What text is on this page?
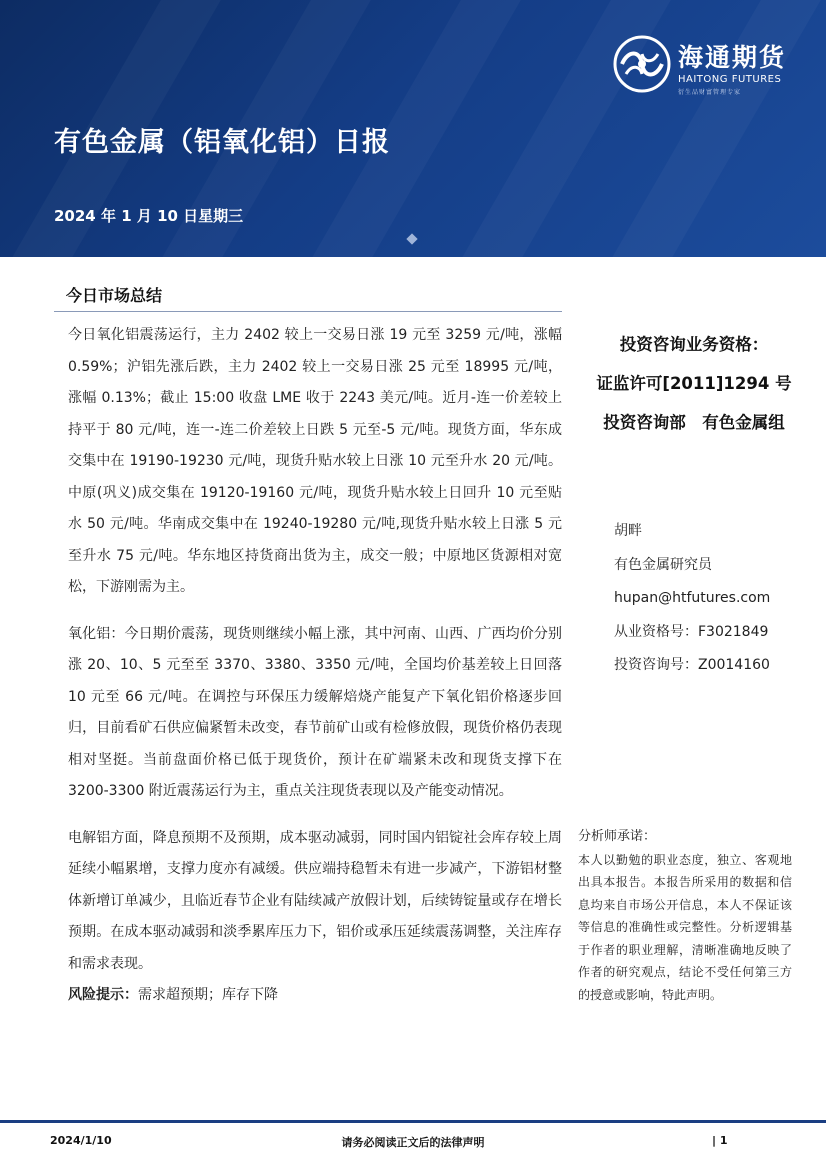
海通期货
HAITONG FUTURES
衍生品财富管理专家
有色金属（铝氧化铝）日报
2024 年 1 月 10 日星期三
今日市场总结

今日氧化铝震荡运行，主力 2402 较上一交易日涨 19 元至 3259 元/吨，涨幅 0.59%；沪铝先涨后跌，主力 2402 较上一交易日涨 25 元至 18995 元/吨，涨幅 0.13%；截止 15:00 收盘 LME 收于 2243 美元/吨。近月-连一价差较上持平于 80 元/吨，连一-连二价差较上日跌 5 元至-5 元/吨。现货方面，华东成交集中在 19190-19230 元/吨，现货升贴水较上日涨 10 元至升水 20 元/吨。中原(巩义)成交集在 19120-19160 元/吨，现货升贴水较上日回升 10 元至贴水 50 元/吨。华南成交集中在 19240-19280 元/吨,现货升贴水较上日涨 5 元至升水 75 元/吨。华东地区持货商出货为主，成交一般；中原地区货源相对宽松，下游刚需为主。

氧化铝：今日期价震荡，现货则继续小幅上涨，其中河南、山西、广西均价分别涨 20、10、5 元至至 3370、3380、3350 元/吨，全国均价基差较上日回落 10 元至 66 元/吨。在调控与环保压力缓解焙烧产能复产下氧化铝价格逐步回归，目前看矿石供应偏紧暂未改变，春节前矿山或有检修放假，现货价格仍表现相对坚挺。当前盘面价格已低于现货价，预计在矿端紧未改和现货支撑下在 3200-3300 附近震荡运行为主，重点关注现货表现以及产能变动情况。

电解铝方面，降息预期不及预期，成本驱动减弱，同时国内铝锭社会库存较上周延续小幅累增，支撑力度亦有减缓。供应端持稳暂未有进一步减产，下游铝材整体新增订单减少，且临近春节企业有陆续减产放假计划，后续铸锭量或存在增长预期。在成本驱动减弱和淡季累库压力下，铝价或承压延续震荡调整，关注库存和需求表现。

风险提示：需求超预期；库存下降
投资咨询业务资格：
证监许可[2011]1294 号
投资咨询部　有色金属组
胡畔
有色金属研究员
hupan@htfutures.com
从业资格号：F3021849
投资咨询号：Z0014160
分析师承诺：
本人以勤勉的职业态度，独立、客观地出具本报告。本报告所采用的数据和信息均来自市场公开信息，本人不保证该等信息的准确性或完整性。分析逻辑基于作者的职业理解，清晰准确地反映了作者的研究观点，结论不受任何第三方的授意或影响，特此声明。
2024/1/10	请务必阅读正文后的法律声明	| 1
